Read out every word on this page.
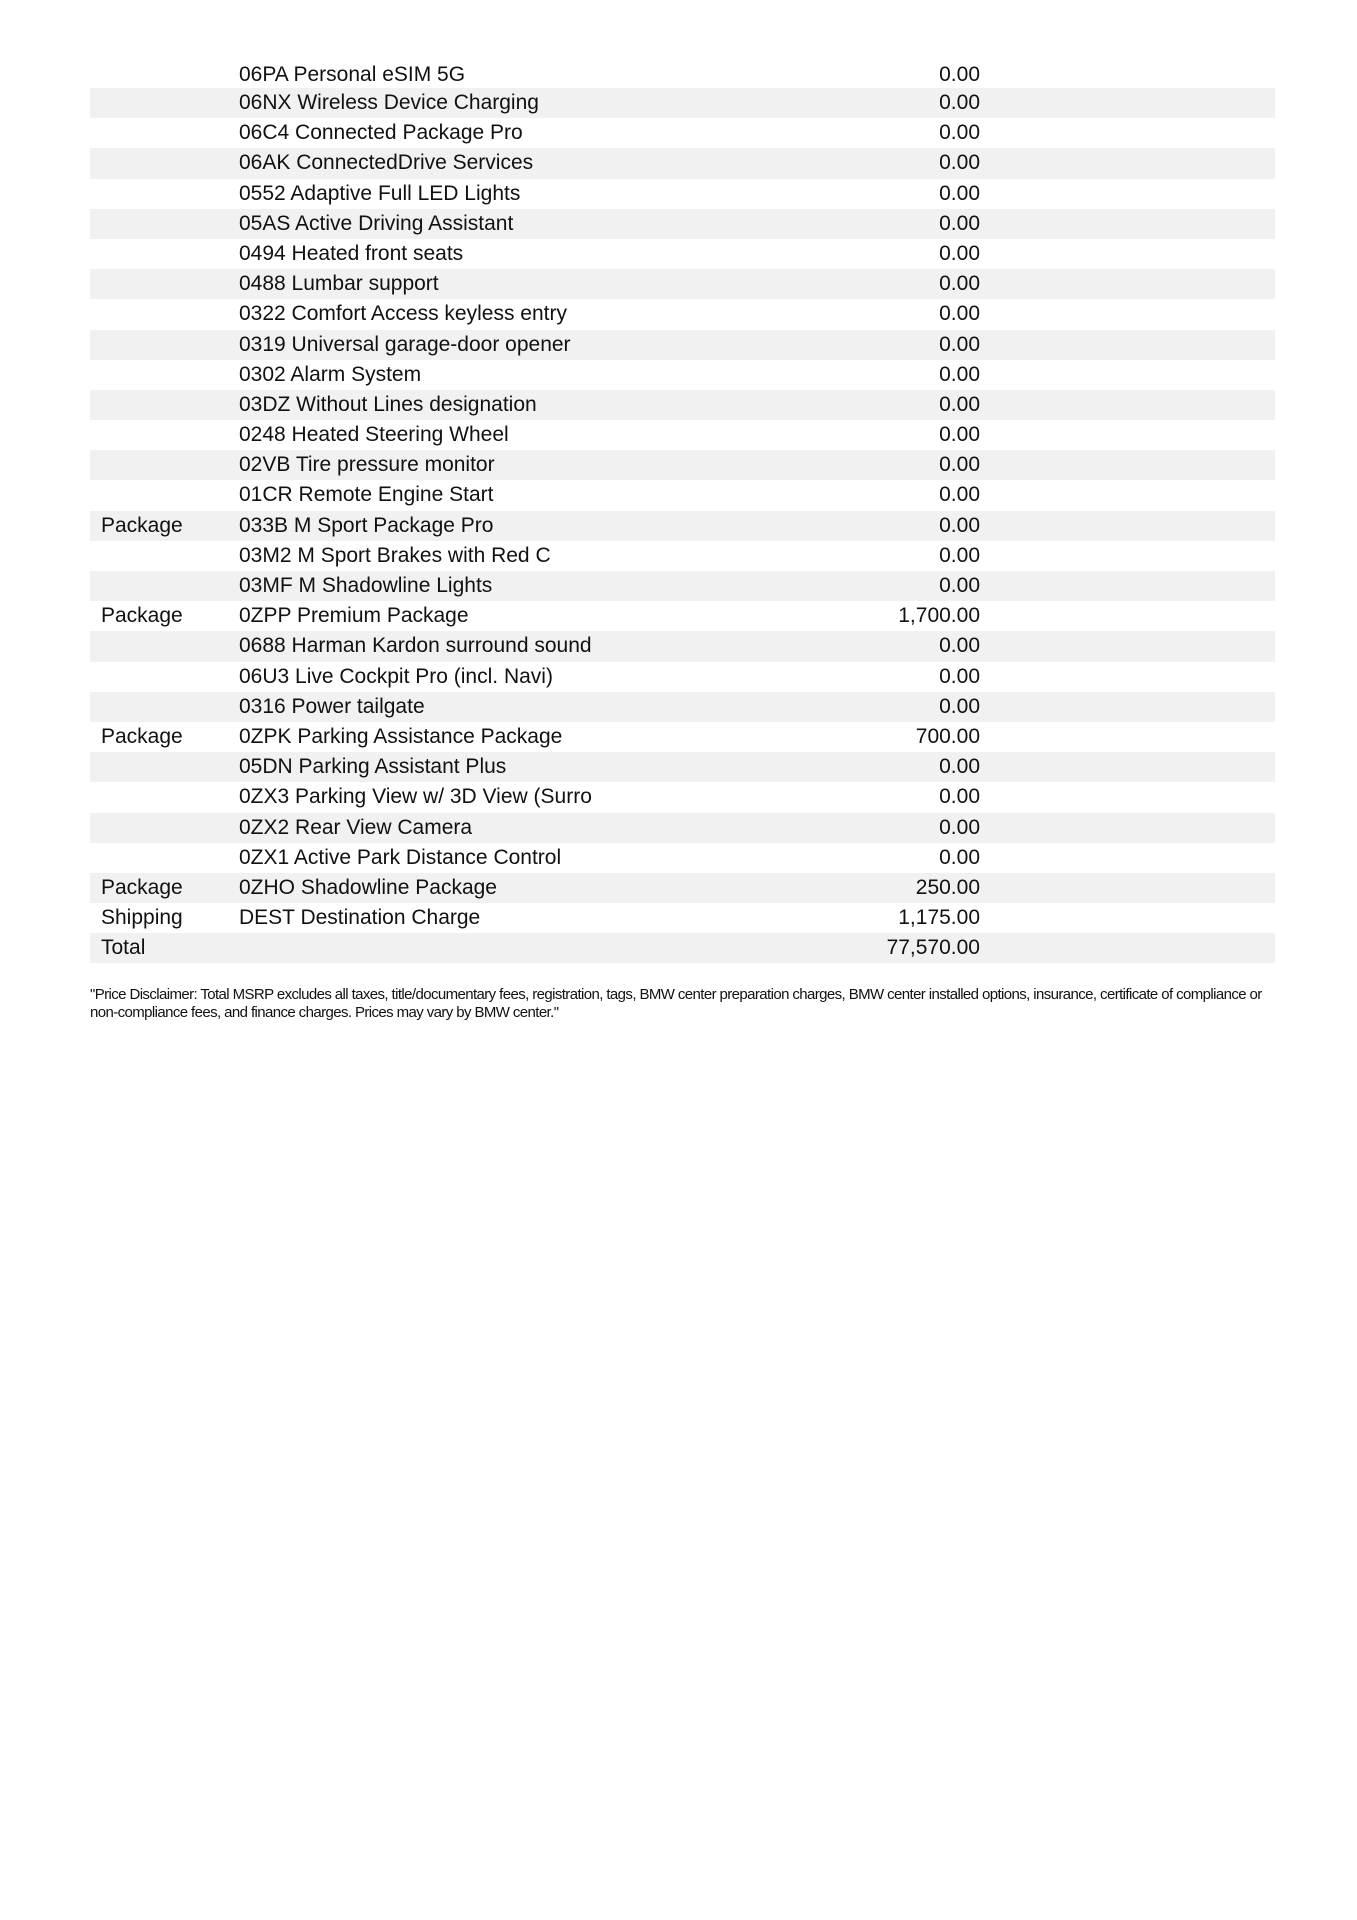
06PA Personal eSIM 5G	0.00
06NX Wireless Device Charging	0.00
06C4 Connected Package Pro	0.00
06AK ConnectedDrive Services	0.00
0552 Adaptive Full LED Lights	0.00
05AS Active Driving Assistant	0.00
0494 Heated front seats	0.00
0488 Lumbar support	0.00
0322 Comfort Access keyless entry	0.00
0319 Universal garage-door opener	0.00
0302 Alarm System	0.00
03DZ Without Lines designation	0.00
0248 Heated Steering Wheel	0.00
02VB Tire pressure monitor	0.00
01CR Remote Engine Start	0.00
Package	033B M Sport Package Pro	0.00
03M2 M Sport Brakes with Red C	0.00
03MF M Shadowline Lights	0.00
Package	0ZPP Premium Package	1,700.00
0688 Harman Kardon surround sound	0.00
06U3 Live Cockpit Pro (incl. Navi)	0.00
0316 Power tailgate	0.00
Package	0ZPK Parking Assistance Package	700.00
05DN Parking Assistant Plus	0.00
0ZX3 Parking View w/ 3D View (Surro	0.00
0ZX2 Rear View Camera	0.00
0ZX1 Active Park Distance Control	0.00
Package	0ZHO Shadowline Package	250.00
Shipping	DEST Destination Charge	1,175.00
Total	77,570.00
"Price Disclaimer: Total MSRP excludes all taxes, title/documentary fees, registration, tags, BMW center preparation charges, BMW center installed options, insurance, certificate of compliance or non-compliance fees, and finance charges. Prices may vary by BMW center."
